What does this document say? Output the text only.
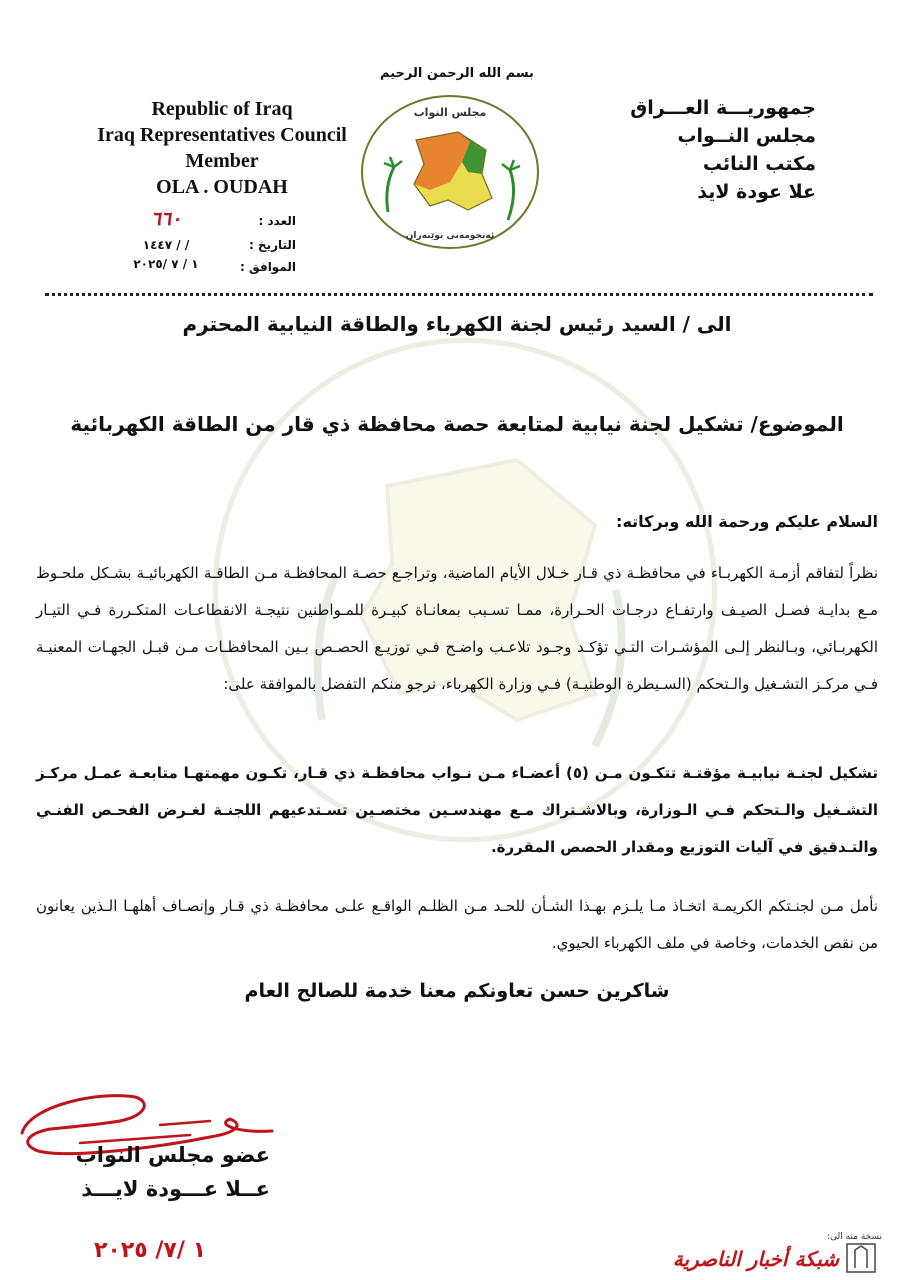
بسم الله الرحمن الرحيم
Republic of Iraq
Iraq Representatives Council
Member
OLA . OUDAH
جمهوريـــة العـــراق
مجلس النــواب
مكتب النائب
علا عودة لايذ
مجلس النواب
ئەنجومەنی نوێنەران
العدد :
٦٦٠
التاريخ :
/ / ١٤٤٧
الموافق :
١ / ٧ /٢٠٢٥
الى / السيد رئيس لجنة الكهرباء والطاقة النيابية المحترم
الموضوع/ تشكيل لجنة نيابية لمتابعة حصة محافظة ذي قار من الطاقة الكهربائية
السلام عليكم ورحمة الله وبركاته:
نظراً لتفاقم أزمـة الكهربـاء في محافظـة ذي قـار خـلال الأيام الماضية، وتراجـع حصـة المحافظـة مـن الطاقـة الكهربائيـة بشـكل ملحـوظ مـع بدايـة فصـل الصيـف وارتفـاع درجـات الحـرارة، ممـا تسـبب بمعانـاة كبيـرة للمـواطنين نتيجـة الانقطاعـات المتكـررة فـي التيـار الكهربـائي، وبـالنظر إلـى المؤشـرات التـي تؤكـد وجـود تلاعـب واضـح فـي توزيـع الحصـص بـين المحافظـات مـن قبـل الجهـات المعنيـة فـي مركـز التشـغيل والـتحكم (السـيطرة الوطنيـة) فـي وزارة الكهرباء، نرجو منكم التفضل بالموافقة على:
تشكيل لجنـة نيابيـة مؤقتـة تتكـون مـن (٥) أعضـاء مـن نـواب محافظـة ذي قـار، تكـون مهمتهـا متابعـة عمـل مركـز التشـغيل والـتحكم فـي الـوزارة، وبالاشـتراك مـع مهندسـين مختصـين تسـتدعيهم اللجنـة لغـرض الفحـص الفنـي والتـدقيق في آليات التوزيع ومقدار الحصص المقررة.
نأمل مـن لجنـتكم الكريمـة اتخـاذ مـا يلـزم بهـذا الشـأن للحـد مـن الظلـم الواقـع علـى محافظـة ذي قـار وإنصـاف أهلهـا الـذين يعانون من نقص الخدمات، وخاصة في ملف الكهرباء الحيوي.
شاكرين حسن تعاونكم معنا خدمة للصالح العام
عضو مجلس النواب
عــلا عـــودة لايـــذ
١ /٧/ ٢٠٢٥
نسخة منه الى:
شبكة أخبار الناصرية
